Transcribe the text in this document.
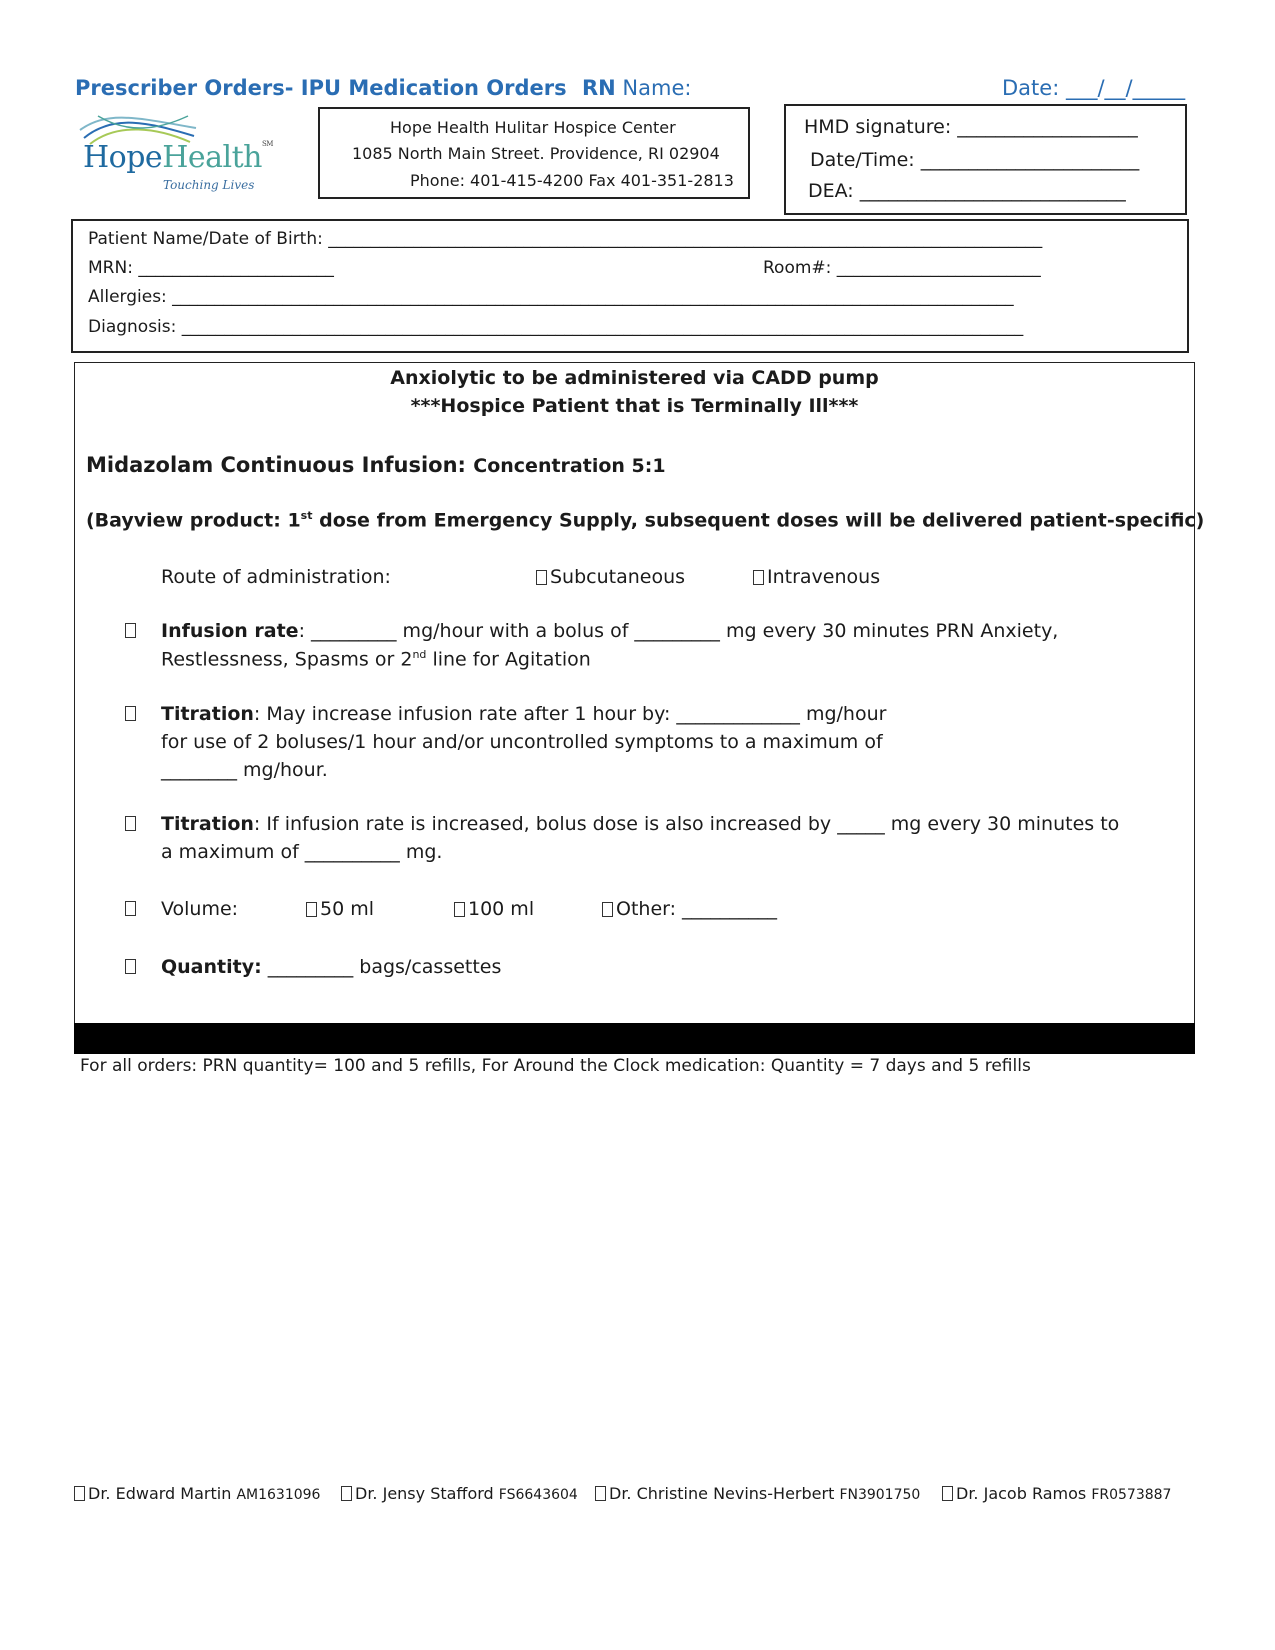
Prescriber Orders- IPU Medication Orders RN Name:	Date: ___/__/_____
HopeHealth℠
Touching Lives
Hope Health Hulitar Hospice Center
1085 North Main Street. Providence, RI 02904
Phone: 401-415-4200 Fax 401-351-2813
HMD signature: ___________________
Date/Time: _______________________
DEA: ____________________________
Patient Name/Date of Birth: ____________________________________________________________________________________
MRN: _______________________	Room#: ________________________
Allergies: ___________________________________________________________________________________________________
Diagnosis: ___________________________________________________________________________________________________
Anxiolytic to be administered via CADD pump
***Hospice Patient that is Terminally Ill***
Midazolam Continuous Infusion: Concentration 5:1
(Bayview product: 1st dose from Emergency Supply, subsequent doses will be delivered patient-specific)
Route of administration:	Subcutaneous	Intravenous
Infusion rate: _________ mg/hour with a bolus of _________ mg every 30 minutes PRN Anxiety,
Restlessness, Spasms or 2nd line for Agitation
Titration: May increase infusion rate after 1 hour by: _____________ mg/hour
for use of 2 boluses/1 hour and/or uncontrolled symptoms to a maximum of
________ mg/hour.
Titration: If infusion rate is increased, bolus dose is also increased by _____ mg every 30 minutes to
a maximum of __________ mg.
Volume:	50 ml	100 ml	Other: __________
Quantity: _________ bags/cassettes
For all orders: PRN quantity= 100 and 5 refills, For Around the Clock medication: Quantity = 7 days and 5 refills
Dr. Edward Martin AM1631096	Dr. Jensy Stafford FS6643604	Dr. Christine Nevins-Herbert FN3901750	Dr. Jacob Ramos FR0573887
